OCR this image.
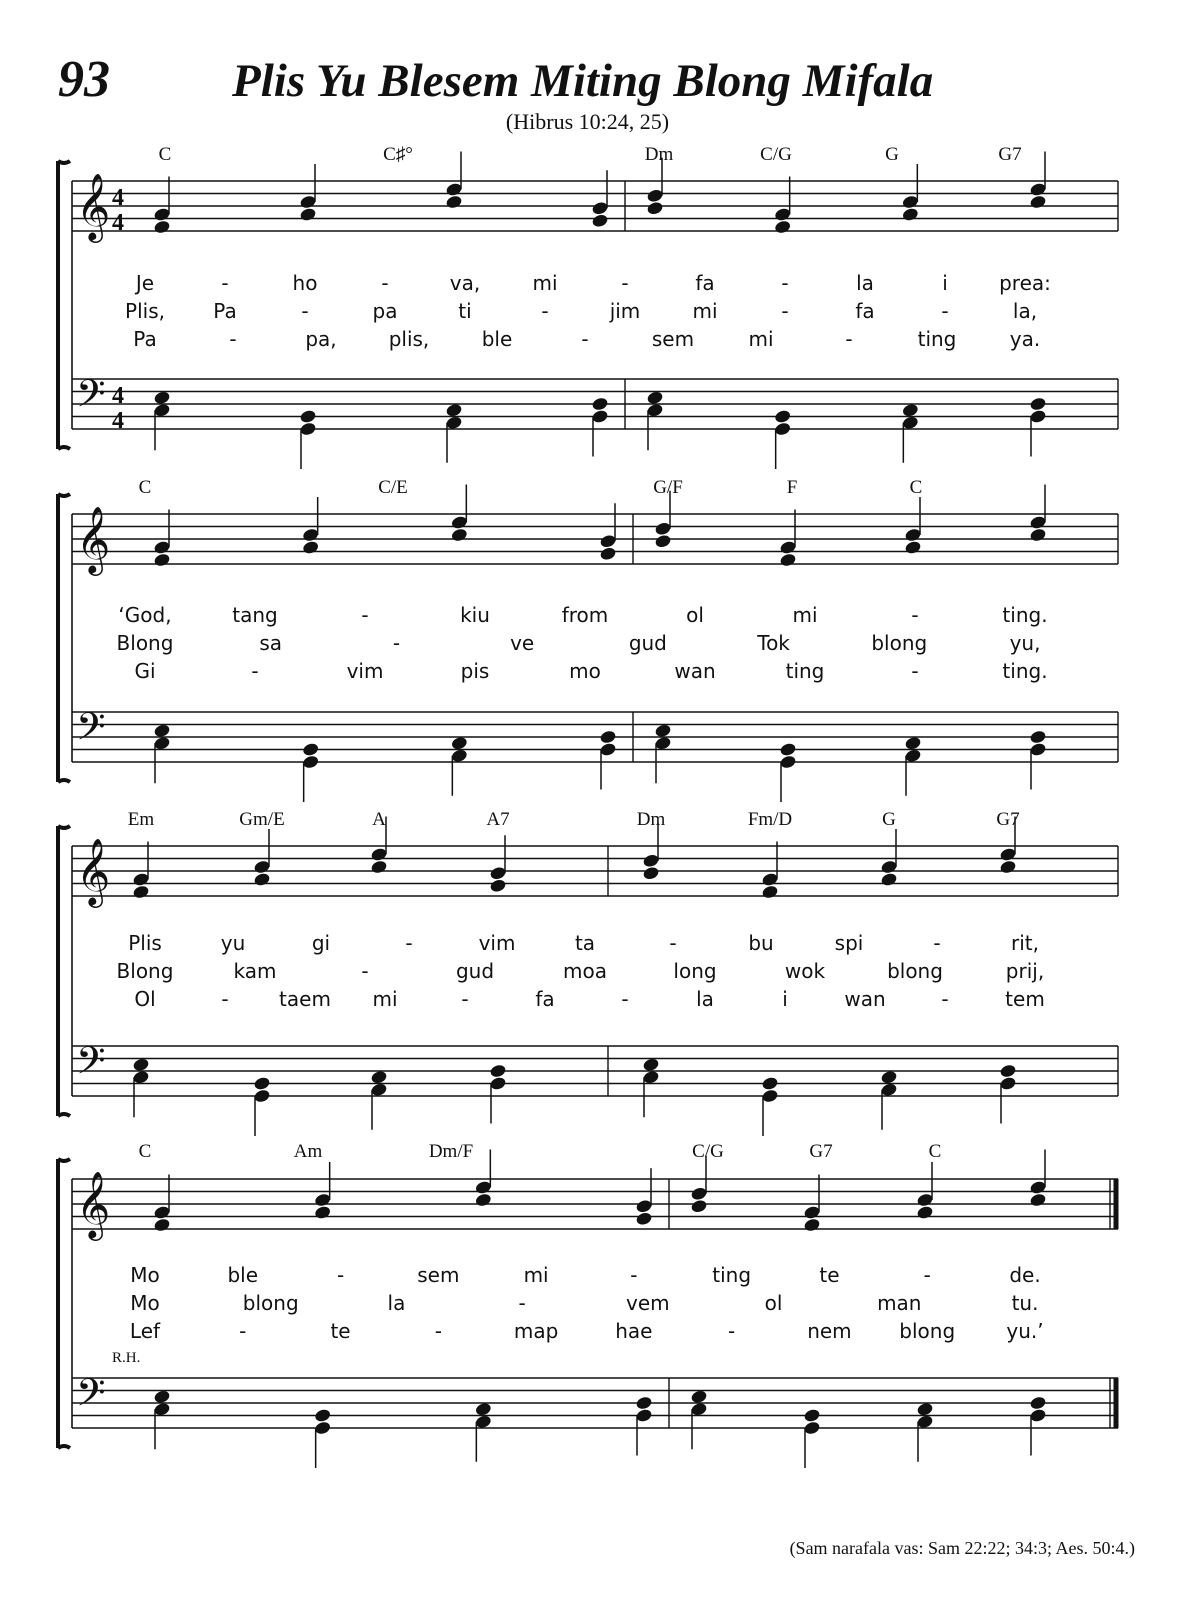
93	Plis Yu Blesem Miting Blong Mifala
(Hibrus 10:24, 25)
𝄞
𝄢
4
4
4
4
C	C♯°	Dm	C/G	G	G7
Je	-	ho	-	va,	mi	-	fa	-	la	i	prea:
Plis, Pa	-	pa	ti	-	jim	mi	-	fa	-	la,
Pa	-	pa,	plis,	ble	-	sem	mi	-	ting	ya.
𝄞
𝄢
C	C/E	G/F	F	C
‘God,	tang	-	kiu	from	ol	mi	-	ting.
Blong	sa	-	ve	gud	Tok	blong	yu,
Gi	-	vim	pis	mo	wan	ting	-	ting.
𝄞
𝄢
Em	Gm/E	A	A7	Dm	Fm/D	G	G7
Plis	yu	gi	-	vim	ta	-	bu	spi	-	rit,
Blong	kam	-	gud	moa	long	wok	blong	prij,
Ol	-	taem mi	-	fa	-	la	i	wan	-	tem
𝄞
𝄢
C	Am	Dm/F	C/G	G7	C
R.H.
Mo	ble	-	sem	mi	-	ting	te	-	de.
Mo	blong	la	-	vem	ol	man	tu.
Lef	-	te	-	map	hae	-	nem blong	yu.’
(Sam narafala vas: Sam 22:22; 34:3; Aes. 50:4.)
